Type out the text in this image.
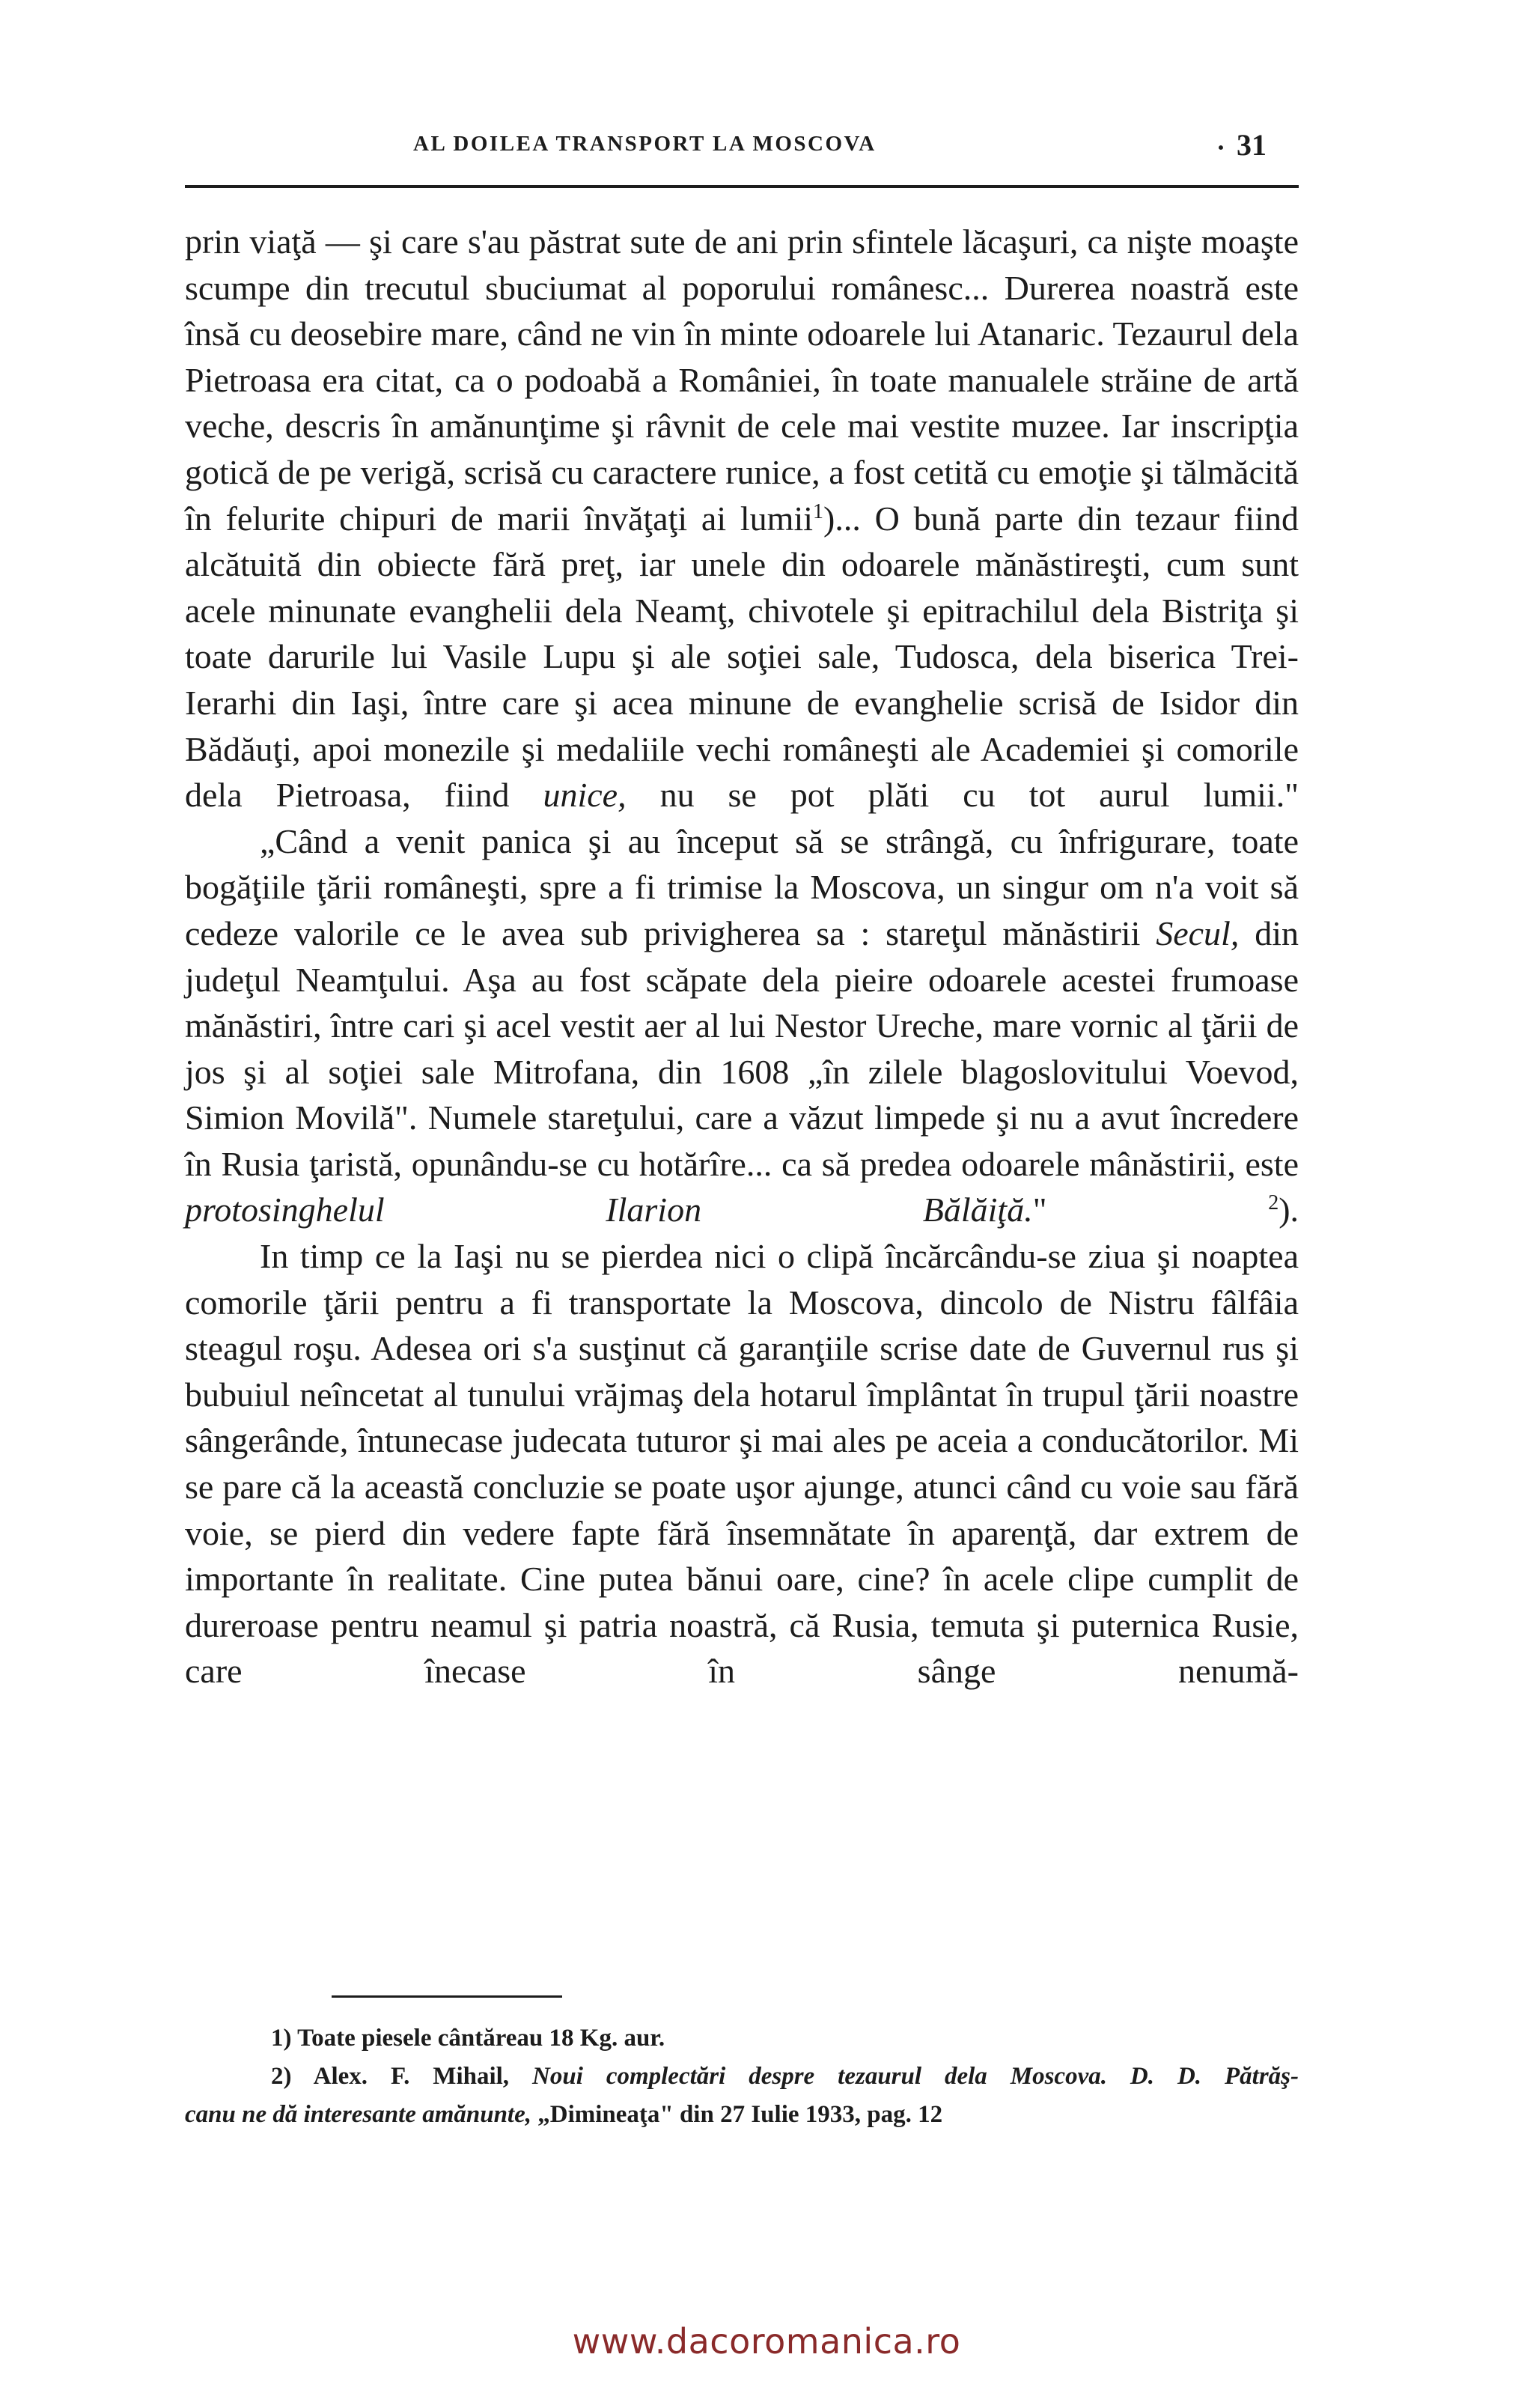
AL DOILEA TRANSPORT LA MOSCOVA	· 31

prin viaţă — şi care s'au păstrat sute de ani prin sfintele lăcaşuri, ca nişte moaşte scumpe din trecutul sbuciumat al poporului românesc... Durerea noastră este însă cu deosebire mare, când ne vin în minte odoarele lui Atanaric. Tezaurul dela Pietroasa era citat, ca o podoabă a României, în toate manualele străine de artă veche, descris în amănunţime şi râvnit de cele mai vestite muzee. Iar inscripţia gotică de pe verigă, scrisă cu caractere runice, a fost cetită cu emoţie şi tălmăcită în felurite chipuri de marii învăţaţi ai lumii$^1$)... O bună parte din tezaur fiind alcătuită din obiecte fără preţ, iar unele din odoarele mănăstireşti, cum sunt acele minunate evanghelii dela Neamţ, chivotele şi epitrachilul dela Bistriţa şi toate darurile lui Vasile Lupu şi ale soţiei sale, Tudosca, dela biserica Trei-Ierarhi din Iaşi, între care şi acea minune de evanghelie scrisă de Isidor din Bădăuţi, apoi monezile şi medaliile vechi româneşti ale Academiei şi comorile dela Pietroasa, fiind unice, nu se pot plăti cu tot aurul lumii."

„Când a venit panica şi au început să se strângă, cu înfrigurare, toate bogăţiile ţării româneşti, spre a fi trimise la Moscova, un singur om n'a voit să cedeze valorile ce le avea sub privigherea sa : stareţul mănăstirii Secul, din judeţul Neamţului. Aşa au fost scăpate dela pieire odoarele acestei frumoase mănăstiri, între cari şi acel vestit aer al lui Nestor Ureche, mare vornic al ţării de jos şi al soţiei sale Mitrofana, din 1608 „în zilele blagoslovitului Voevod, Simion Movilă". Numele stareţului, care a văzut limpede şi nu a avut încredere în Rusia ţaristă, opunându-se cu hotărîre... ca să predea odoarele mânăstirii, este protosinghelul Ilarion Bălăiţă." $^2$).

In timp ce la Iaşi nu se pierdea nici o clipă încărcându-se ziua şi noaptea comorile ţării pentru a fi transportate la Moscova, dincolo de Nistru fâlfâia steagul roşu. Adesea ori s'a susţinut că garanţiile scrise date de Guvernul rus şi bubuiul neîncetat al tunului vrăjmaş dela hotarul împlântat în trupul ţării noastre sângerânde, întunecase judecata tuturor şi mai ales pe aceia a conducătorilor. Mi se pare că la această concluzie se poate uşor ajunge, atunci când cu voie sau fără voie, se pierd din vedere fapte fără însemnătate în aparenţă, dar extrem de importante în realitate. Cine putea bănui oare, cine? în acele clipe cumplit de dureroase pentru neamul şi patria noastră, că Rusia, temuta şi puternica Rusie, care înecase în sânge nenumă-

1) Toate piesele cântăreau 18 Kg. aur.

2) Alex. F. Mihail, Noui complectări despre tezaurul dela Moscova. D. D. Pătrăş-

canu ne dă interesante amănunte, „Dimineaţa" din 27 Iulie 1933, pag. 12

www.dacoromanica.ro
